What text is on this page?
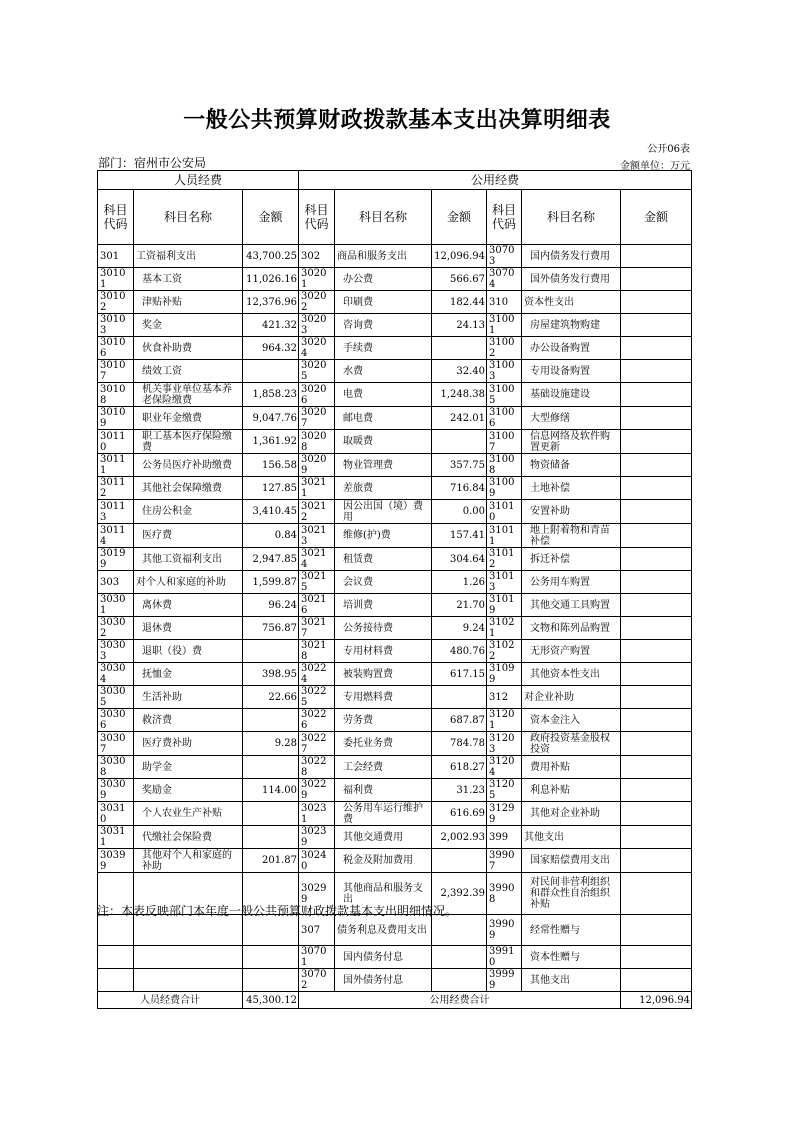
一般公共预算财政拨款基本支出决算明细表
公开06表
部门：宿州市公安局	金额单位：万元
人员经费			公用经费					
科目代码	科目名称	金额	科目代码	科目名称	金额	科目代码	科目名称	金额
301	工资福利支出	43,700.25	302	商品和服务支出	12,096.94	30703	国内债务发行费用	
30101	基本工资	11,026.16	30201	办公费	566.67	30704	国外债务发行费用	
30102	津贴补贴	12,376.96	30202	印刷费	182.44	310	资本性支出	
30103	奖金	421.32	30203	咨询费	24.13	31001	房屋建筑物购建	
30106	伙食补助费	964.32	30204	手续费		31002	办公设备购置	
30107	绩效工资		30205	水费	32.40	31003	专用设备购置	
30108	机关事业单位基本养老保险缴费	1,858.23	30206	电费	1,248.38	31005	基础设施建设	
30109	职业年金缴费	9,047.76	30207	邮电费	242.01	31006	大型修缮	
30110	职工基本医疗保险缴费	1,361.92	30208	取暖费		31007	信息网络及软件购置更新	
30111	公务员医疗补助缴费	156.58	30209	物业管理费	357.75	31008	物资储备	
30112	其他社会保障缴费	127.85	30211	差旅费	716.84	31009	土地补偿	
30113	住房公积金	3,410.45	30212	因公出国（境）费用	0.00	31010	安置补助	
30114	医疗费	0.84	30213	维修(护)费	157.41	31011	地上附着物和青苗补偿	
30199	其他工资福利支出	2,947.85	30214	租赁费	304.64	31012	拆迁补偿	
303	对个人和家庭的补助	1,599.87	30215	会议费	1.26	31013	公务用车购置	
30301	离休费	96.24	30216	培训费	21.70	31019	其他交通工具购置	
30302	退休费	756.87	30217	公务接待费	9.24	31021	文物和陈列品购置	
30303	退职（役）费		30218	专用材料费	480.76	31022	无形资产购置	
30304	抚恤金	398.95	30224	被装购置费	617.15	31099	其他资本性支出	
30305	生活补助	22.66	30225	专用燃料费		312	对企业补助	
30306	救济费		30226	劳务费	687.87	31201	资本金注入	
30307	医疗费补助	9.28	30227	委托业务费	784.78	31203	政府投资基金股权投资	
30308	助学金		30228	工会经费	618.27	31204	费用补贴	
30309	奖励金	114.00	30229	福利费	31.23	31205	利息补贴	
30310	个人农业生产补贴		30231	公务用车运行维护费	616.69	31299	其他对企业补助	
30311	代缴社会保险费		30239	其他交通费用	2,002.93	399	其他支出	
30399	其他对个人和家庭的补助	201.87	30240	税金及附加费用		39907	国家赔偿费用支出	
			30299	其他商品和服务支出	2,392.39	39908	对民间非营利组织和群众性自治组织补贴	
			307	债务利息及费用支出		39909	经常性赠与	
			30701	国内债务付息		39910	资本性赠与	
			30702	国外债务付息		39999	其他支出	
人员经费合计		45,300.12	公用经费合计					12,096.94
注：本表反映部门本年度一般公共预算财政拨款基本支出明细情况。
